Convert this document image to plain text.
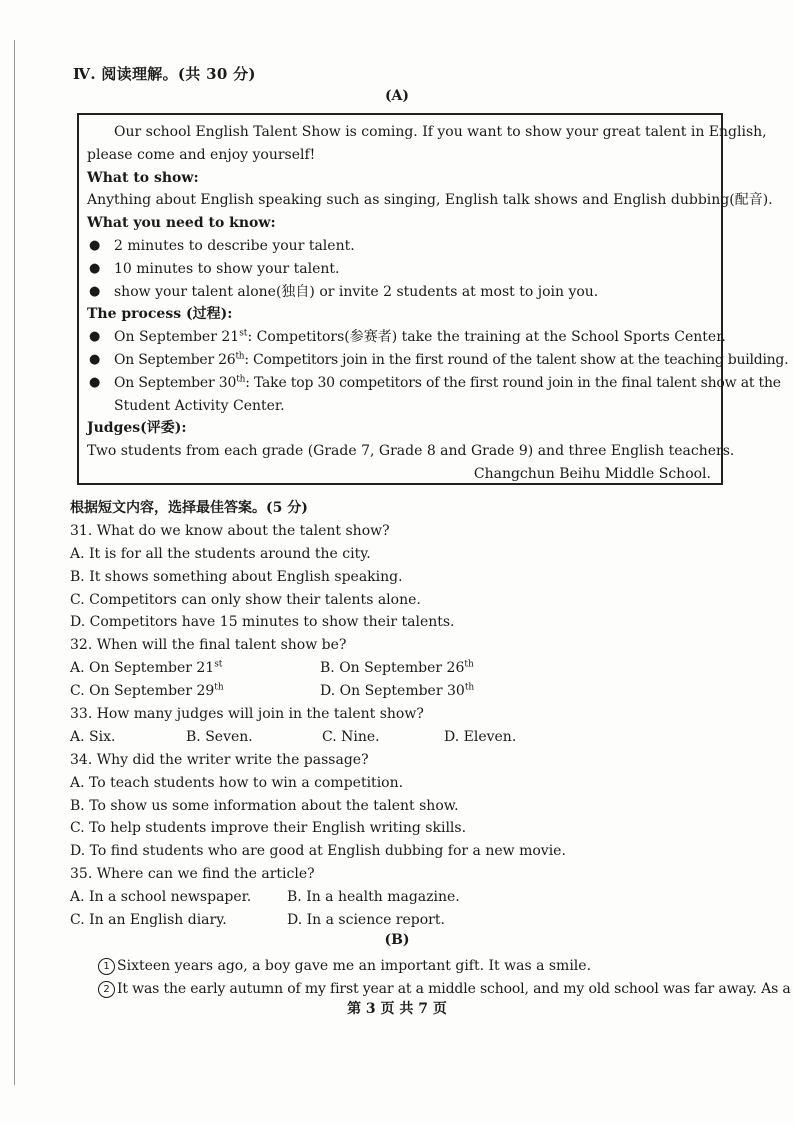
Ⅳ. 阅读理解。(共 30 分)
(A)
Our school English Talent Show is coming. If you want to show your great talent in English,
please come and enjoy yourself!
What to show:
Anything about English speaking such as singing, English talk shows and English dubbing(配音).
What you need to know:
● 2 minutes to describe your talent.
● 10 minutes to show your talent.
● show your talent alone(独自) or invite 2 students at most to join you.
The process (过程):
● On September 21st: Competitors(参赛者) take the training at the School Sports Center.
● On September 26th: Competitors join in the first round of the talent show at the teaching building.
● On September 30th: Take top 30 competitors of the first round join in the final talent show at the
Student Activity Center.
Judges(评委):
Two students from each grade (Grade 7, Grade 8 and Grade 9) and three English teachers.
Changchun Beihu Middle School.
根据短文内容，选择最佳答案。(5 分)
31. What do we know about the talent show?
A. It is for all the students around the city.
B. It shows something about English speaking.
C. Competitors can only show their talents alone.
D. Competitors have 15 minutes to show their talents.
32. When will the final talent show be?
A. On September 21st	B. On September 26th
C. On September 29th	D. On September 30th
33. How many judges will join in the talent show?
A. Six.	B. Seven.	C. Nine.	D. Eleven.
34. Why did the writer write the passage?
A. To teach students how to win a competition.
B. To show us some information about the talent show.
C. To help students improve their English writing skills.
D. To find students who are good at English dubbing for a new movie.
35. Where can we find the article?
A. In a school newspaper.	B. In a health magazine.
C. In an English diary.	D. In a science report.
(B)
1 Sixteen years ago, a boy gave me an important gift. It was a smile.
2 It was the early autumn of my first year at a middle school, and my old school was far away. As a
第 3 页 共 7 页
